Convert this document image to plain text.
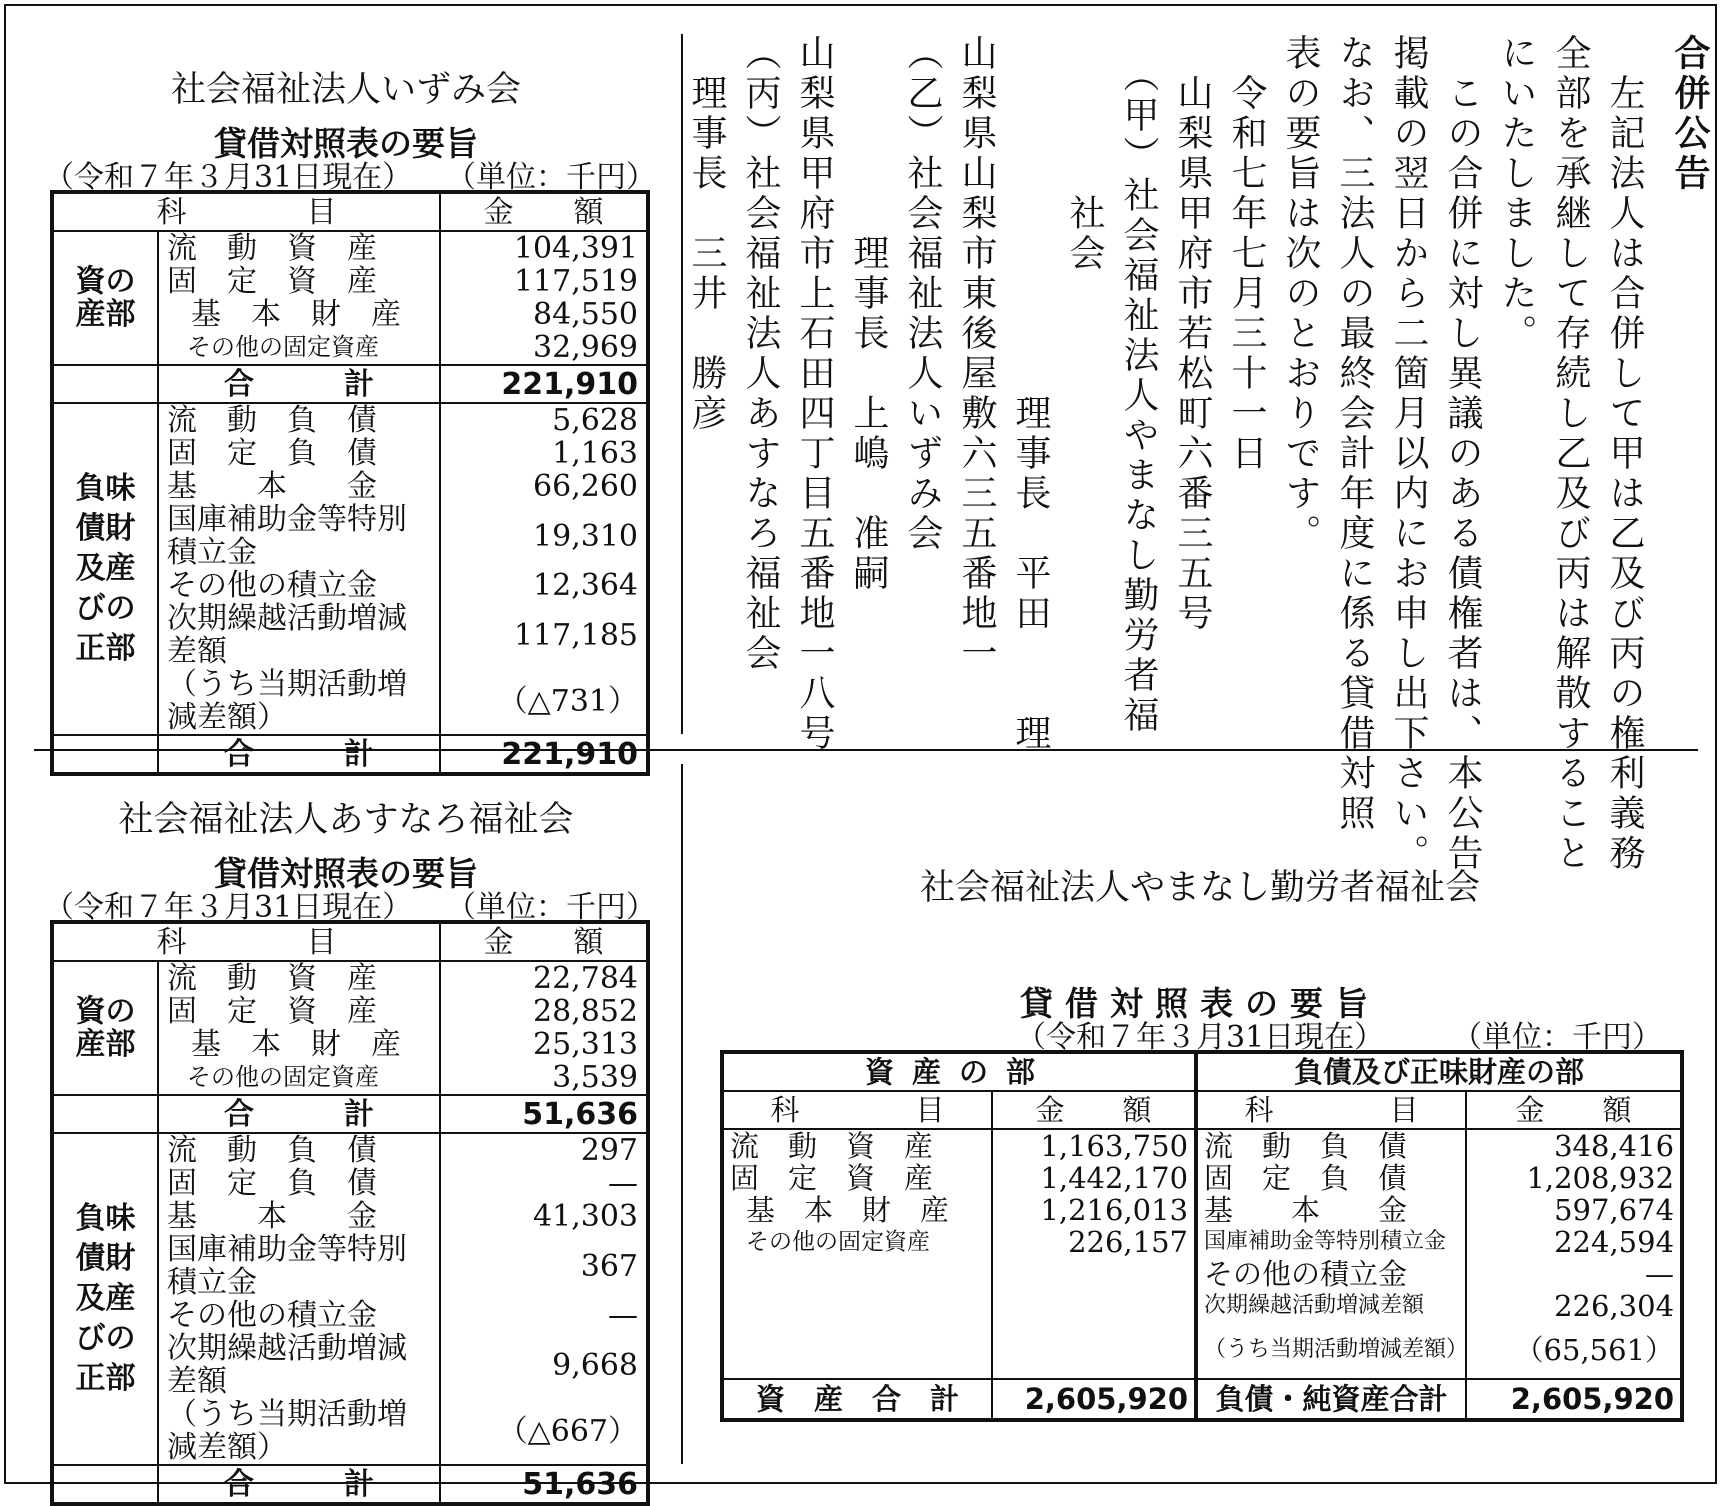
社会福祉法人いずみ会
貸借対照表の要旨
（令和７年３月31日現在） （単位：千円）
科　　　　目		金　　額
資の
産部	流　動　資　産	104,391
	固　定　資　産	117,519
	基　本　財　産	84,550
	その他の固定資産	32,969
	合　　　計	221,910
負味
債財
及産
びの
正部	流　動　負　債	5,628
	固　定　負　債	1,163
	基　　本　　金	66,260
	国庫補助金等特別積立金	19,310
	その他の積立金	12,364
	次期繰越活動増減差額	117,185
	（うち当期活動増減差額）	（△731）
	合　　　計	221,910
合併公告
　左記法人は合併して甲は乙及び丙の権利義務
全部を承継して存続し乙及び丙は解散すること
にいたしました。
　この合併に対し異議のある債権者は、本公告
掲載の翌日から二箇月以内にお申し出下さい。
なお、三法人の最終会計年度に係る貸借対照
表の要旨は次のとおりです。
　令和七年七月三十一日
　山梨県甲府市若松町六番三五号
　（甲）社会福祉法人やまなし勤労者福
　　　　社会
　　　　　　　　　理事長　平田　　理
山梨県山梨市東後屋敷六三五番地一
（乙）社会福祉法人いずみ会
　　　　　理事長　上嶋　准嗣
山梨県甲府市上石田四丁目五番地一八号
（丙）社会福祉法人あすなろ福祉会
　理事長　三井　勝彦
社会福祉法人あすなろ福祉会
貸借対照表の要旨
（令和７年３月31日現在） （単位：千円）
科　　　　目		金　　額
資の
産部	流　動　資　産	22,784
	固　定　資　産	28,852
	基　本　財　産	25,313
	その他の固定資産	3,539
	合　　　計	51,636
負味
債財
及産
びの
正部	流　動　負　債	297
	固　定　負　債	—
	基　　本　　金	41,303
	国庫補助金等特別積立金	367
	その他の積立金	—
	次期繰越活動増減差額	9,668
	（うち当期活動増減差額）	（△667）
	合　　　計	51,636
社会福祉法人やまなし勤労者福祉会
貸借対照表の要旨
（令和７年３月31日現在） （単位：千円）
資産の部		負債及び正味財産の部	
科　　　　目	金　　額	科　　　　目	金　　額
流　動　資　産	1,163,750	流　動　負　債	348,416
固　定　資　産	1,442,170	固　定　負　債	1,208,932
基　本　財　産	1,216,013	基　　本　　金	597,674
その他の固定資産	226,157	国庫補助金等特別積立金	224,594
		その他の積立金	—
		次期繰越活動増減差額	226,304
		（うち当期活動増減差額）	（65,561）
資　産　合　計	2,605,920	負債・純資産合計	2,605,920
